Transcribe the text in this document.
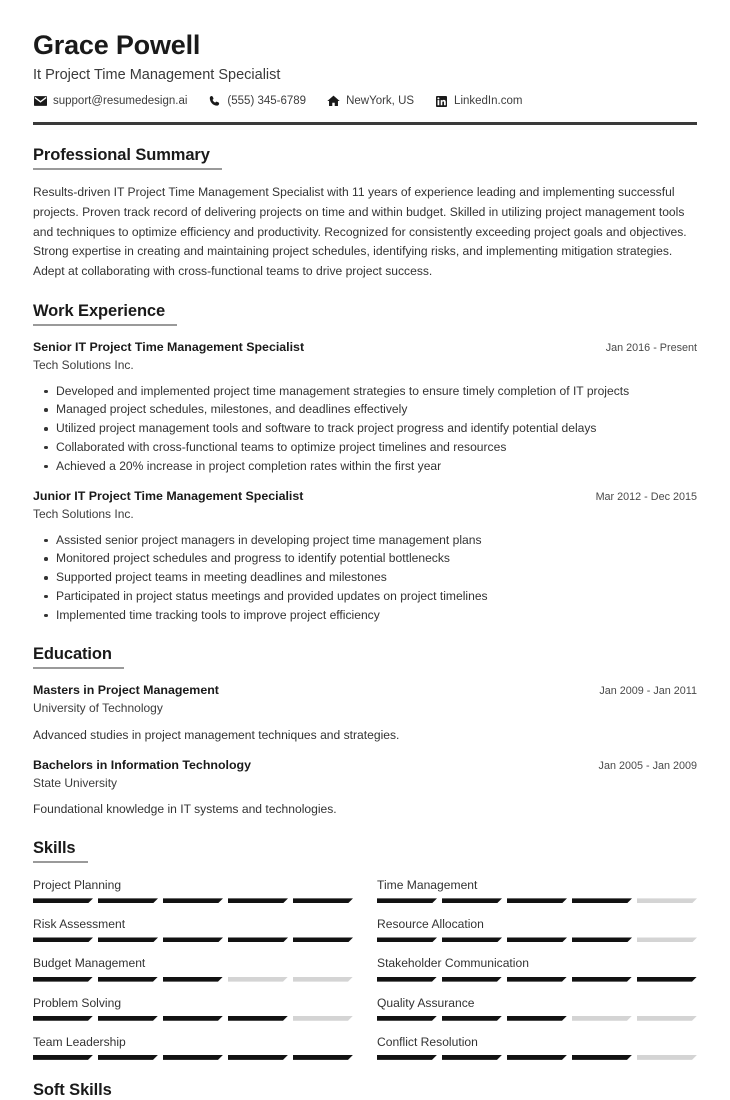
Grace Powell
It Project Time Management Specialist
support@resumedesign.ai	(555) 345-6789	NewYork, US	LinkedIn.com
Professional Summary

Results-driven IT Project Time Management Specialist with 11 years of experience leading and implementing successful projects. Proven track record of delivering projects on time and within budget. Skilled in utilizing project management tools and techniques to optimize efficiency and productivity. Recognized for consistently exceeding project goals and objectives. Strong expertise in creating and maintaining project schedules, identifying risks, and implementing mitigation strategies. Adept at collaborating with cross-functional teams to drive project success.

Work Experience
Senior IT Project Time Management Specialist	Jan 2016 - Present
Tech Solutions Inc.
Developed and implemented project time management strategies to ensure timely completion of IT projects
Managed project schedules, milestones, and deadlines effectively
Utilized project management tools and software to track project progress and identify potential delays
Collaborated with cross-functional teams to optimize project timelines and resources
Achieved a 20% increase in project completion rates within the first year
Junior IT Project Time Management Specialist	Mar 2012 - Dec 2015
Tech Solutions Inc.
Assisted senior project managers in developing project time management plans
Monitored project schedules and progress to identify potential bottlenecks
Supported project teams in meeting deadlines and milestones
Participated in project status meetings and provided updates on project timelines
Implemented time tracking tools to improve project efficiency
Education
Masters in Project Management	Jan 2009 - Jan 2011
University of Technology
Advanced studies in project management techniques and strategies.
Bachelors in Information Technology	Jan 2005 - Jan 2009
State University
Foundational knowledge in IT systems and technologies.
Skills
Project Planning	Time Management
Risk Assessment	Resource Allocation
Budget Management	Stakeholder Communication
Problem Solving	Quality Assurance
Team Leadership	Conflict Resolution
Soft Skills
